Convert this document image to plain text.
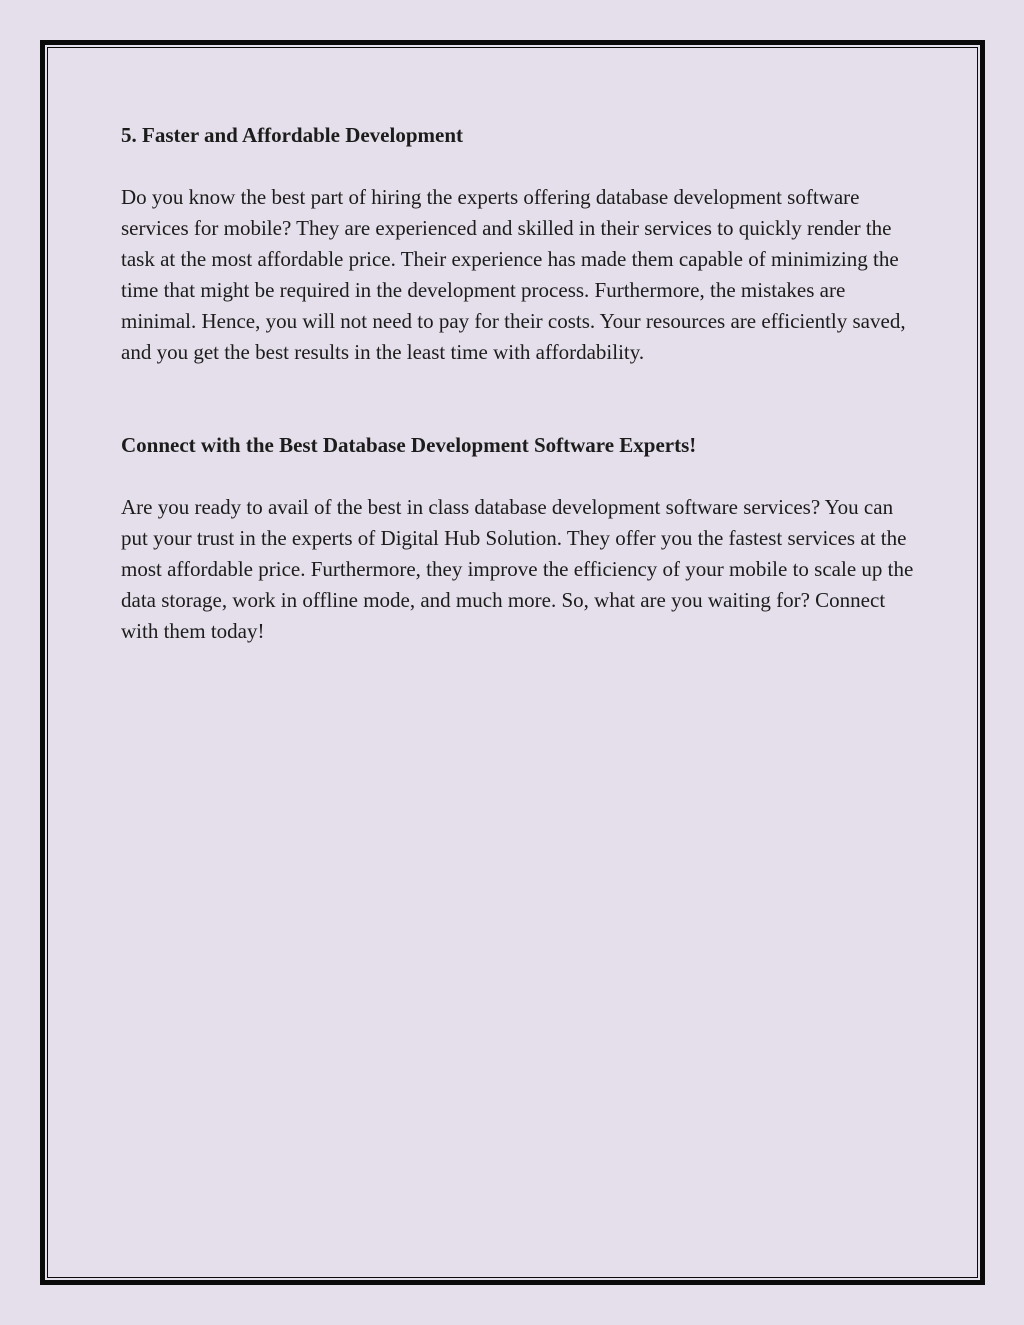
5. Faster and Affordable Development

Do you know the best part of hiring the experts offering database development software services for mobile? They are experienced and skilled in their services to quickly render the task at the most affordable price. Their experience has made them capable of minimizing the time that might be required in the development process. Furthermore, the mistakes are minimal. Hence, you will not need to pay for their costs. Your resources are efficiently saved, and you get the best results in the least time with affordability.

Connect with the Best Database Development Software Experts!

Are you ready to avail of the best in class database development software services? You can put your trust in the experts of Digital Hub Solution. They offer you the fastest services at the most affordable price. Furthermore, they improve the efficiency of your mobile to scale up the data storage, work in offline mode, and much more. So, what are you waiting for? Connect with them today!
